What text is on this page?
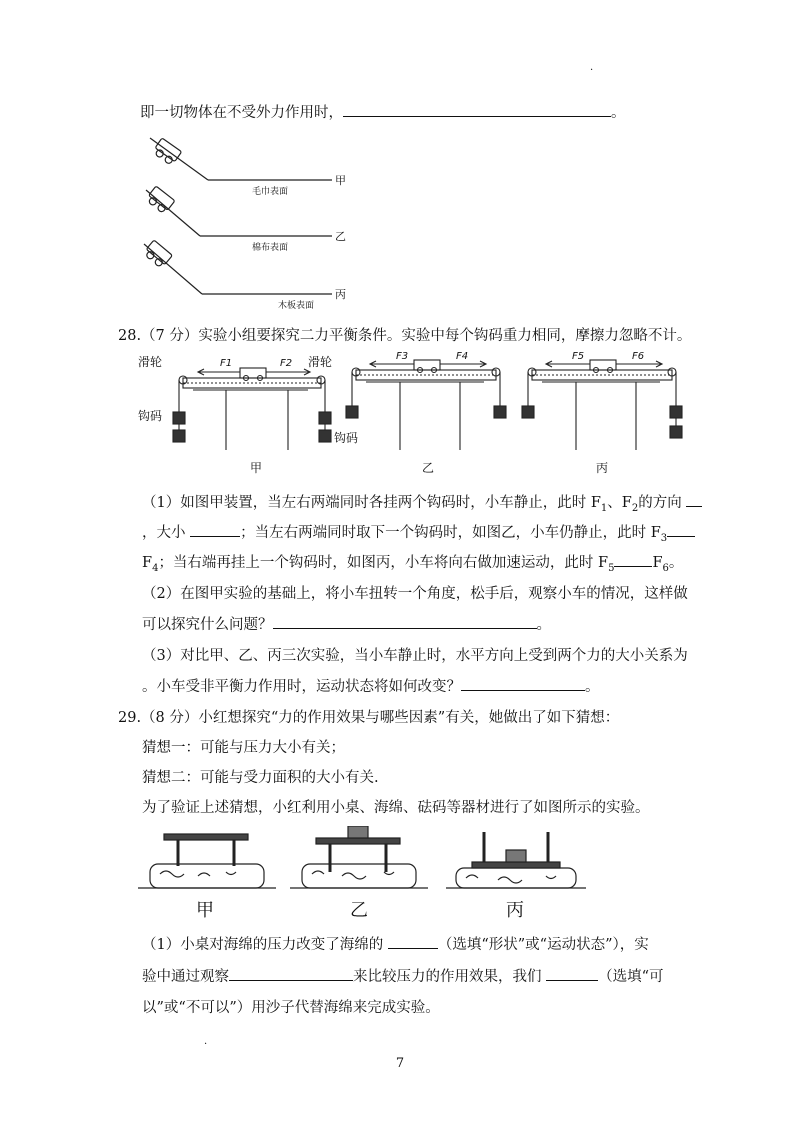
.
即一切物体在不受外力作用时，	。
毛巾表面
棉布表面
木板表面
甲
乙
丙
28.（7 分）实验小组要探究二力平衡条件。实验中每个钩码重力相同，摩擦力忽略不计。
滑轮	滑轮
钩码
钩码
F1	F2
F3	F4	F5	F6
甲	乙	丙
（1）如图甲装置，当左右两端同时各挂两个钩码时，小车静止，此时 $F_1$、$F_2$的方向
，大小	；当左右两端同时取下一个钩码时，如图乙，小车仍静止，此时 $F_3$
$F_4$；当右端再挂上一个钩码时，如图丙，小车将向右做加速运动，此时 $F_5$	$F_6$。
（2）在图甲实验的基础上，将小车扭转一个角度，松手后，观察小车的情况，这样做
可以探究什么问题？	。
（3）对比甲、乙、丙三次实验，当小车静止时，水平方向上受到两个力的大小关系为
。小车受非平衡力作用时，运动状态将如何改变？	。
29.（8 分）小红想探究“力的作用效果与哪些因素”有关，她做出了如下猜想：
猜想一：可能与压力大小有关；
猜想二：可能与受力面积的大小有关.
为了验证上述猜想，小红利用小桌、海绵、砝码等器材进行了如图所示的实验。
甲	乙	丙
（1）小桌对海绵的压力改变了海绵的	（选填“形状”或“运动状态”），实
验中通过观察	来比较压力的作用效果，我们	（选填“可
以”或“不可以”）用沙子代替海绵来完成实验。
.
7
